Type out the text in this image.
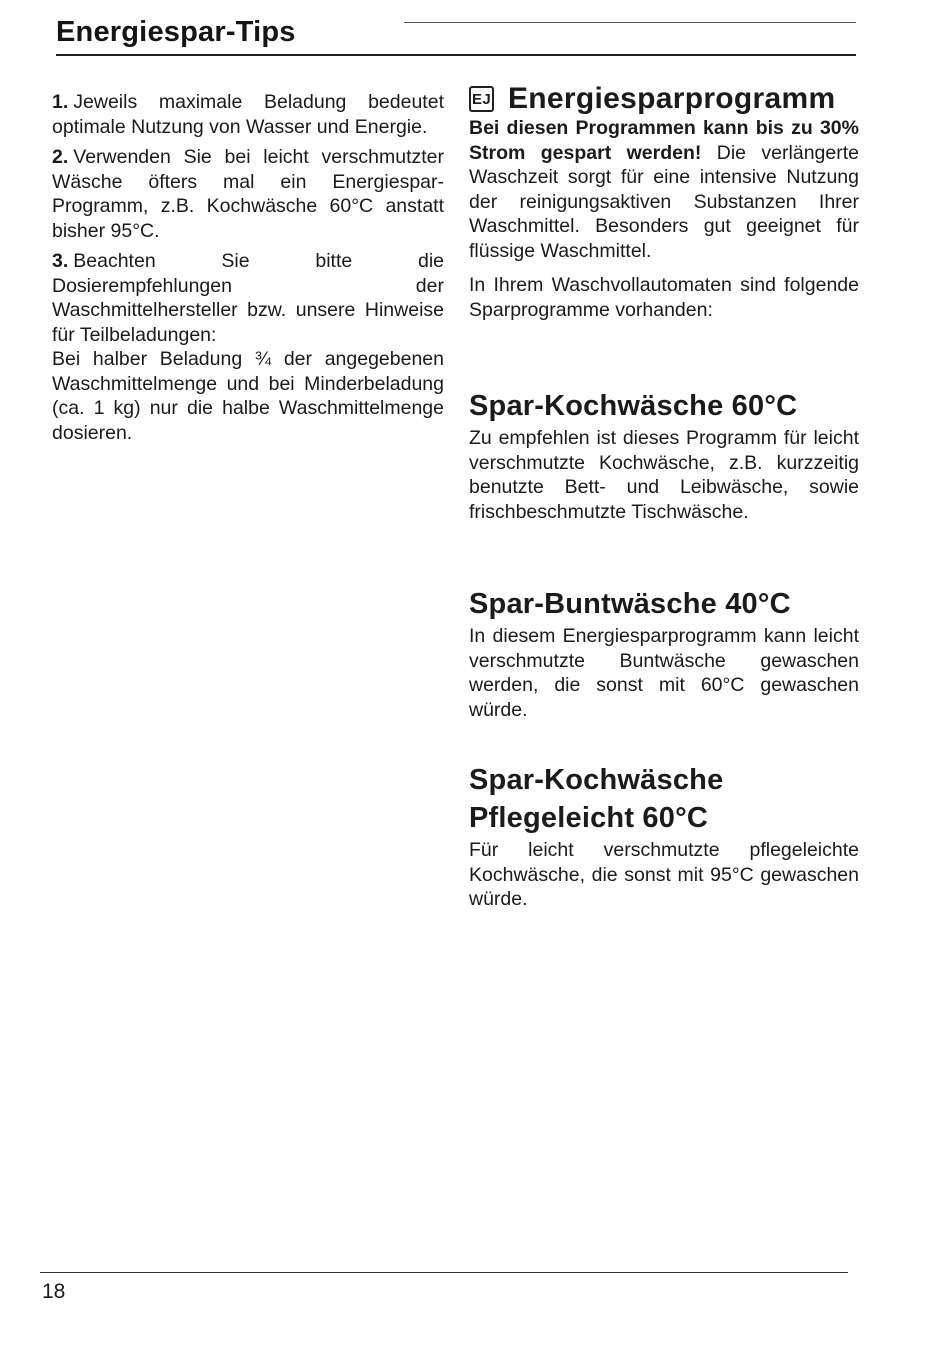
Energiespar-Tips

1. Jeweils maximale Beladung bedeutet optimale Nutzung von Wasser und Energie.

2. Verwenden Sie bei leicht verschmutzter Wäsche öfters mal ein Energiespar-Programm, z.B. Kochwäsche 60°C anstatt bisher 95°C.

3. Beachten Sie bitte die Dosierempfehlungen der Waschmittelhersteller bzw. unsere Hinweise für Teilbeladungen:

Bei halber Beladung ¾ der angegebenen Waschmittelmenge und bei Minderbeladung (ca. 1 kg) nur die halbe Waschmittelmenge dosieren.

EJ Energiesparprogramm

Bei diesen Programmen kann bis zu 30% Strom gespart werden! Die verlängerte Waschzeit sorgt für eine intensive Nutzung der reinigungsaktiven Substanzen Ihrer Waschmittel. Besonders gut geeignet für flüssige Waschmittel.

In Ihrem Waschvollautomaten sind folgende Sparprogramme vorhanden:

Spar-Kochwäsche 60°C

Zu empfehlen ist dieses Programm für leicht verschmutzte Kochwäsche, z.B. kurzzeitig benutzte Bett- und Leibwäsche, sowie frischbeschmutzte Tischwäsche.

Spar-Buntwäsche 40°C

In diesem Energiesparprogramm kann leicht verschmutzte Buntwäsche gewaschen werden, die sonst mit 60°C gewaschen würde.

Spar-Kochwäsche
Pflegeleicht 60°C

Für leicht verschmutzte pflegeleichte Kochwäsche, die sonst mit 95°C gewaschen würde.

18
